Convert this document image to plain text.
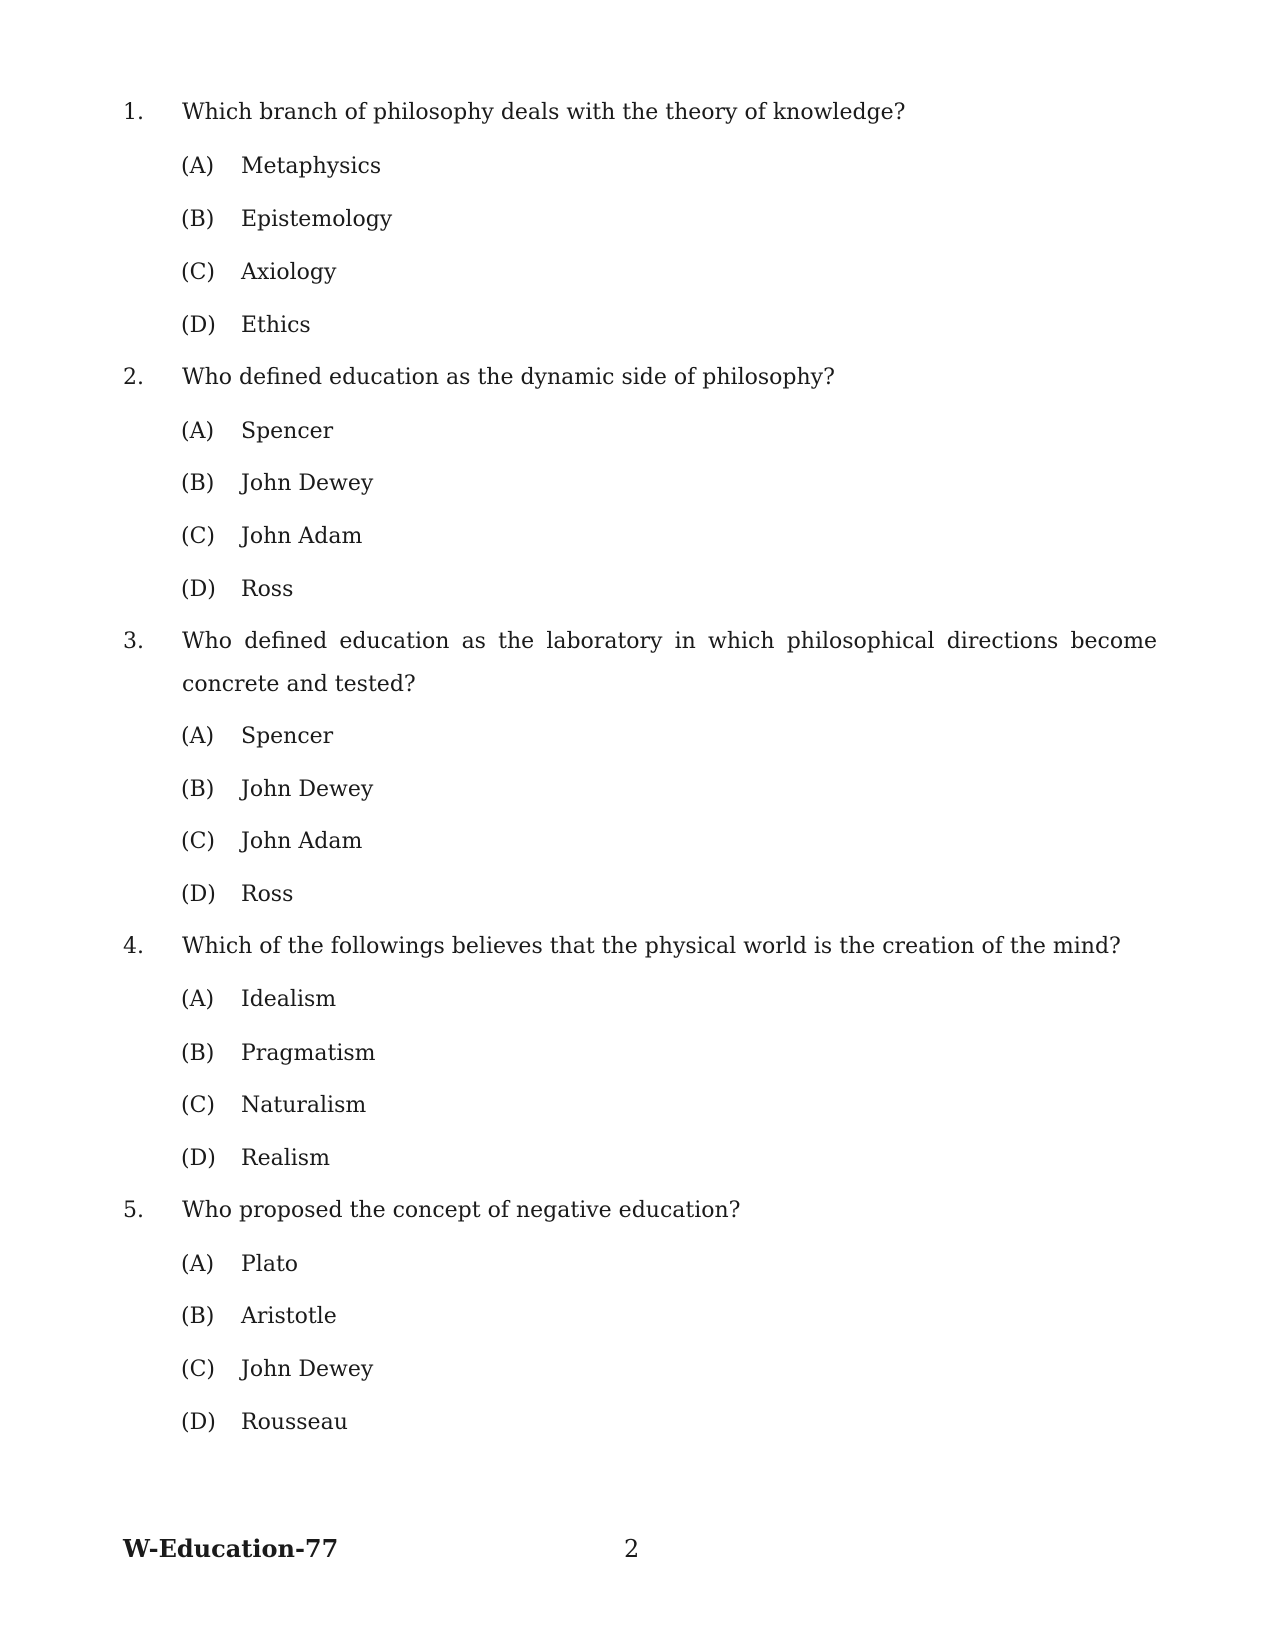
1. Which branch of philosophy deals with the theory of knowledge?
(A) Metaphysics
(B) Epistemology
(C) Axiology
(D) Ethics
2. Who defined education as the dynamic side of philosophy?
(A) Spencer
(B) John Dewey
(C) John Adam
(D) Ross
3. Who defined education as the laboratory in which philosophical directions become concrete and tested?
(A) Spencer
(B) John Dewey
(C) John Adam
(D) Ross
4. Which of the followings believes that the physical world is the creation of the mind?
(A) Idealism
(B) Pragmatism
(C) Naturalism
(D) Realism
5. Who proposed the concept of negative education?
(A) Plato
(B) Aristotle
(C) John Dewey
(D) Rousseau
W-Education-77	2
